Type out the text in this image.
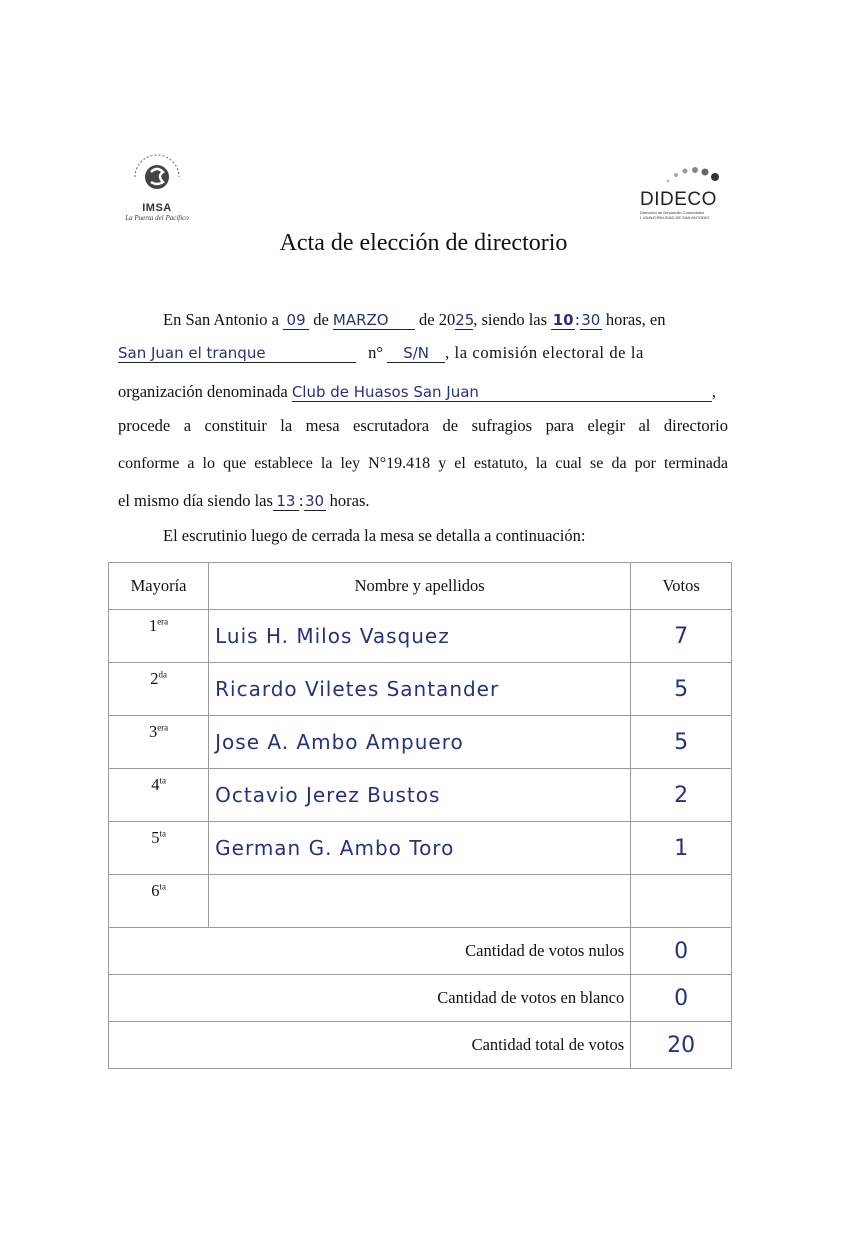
IMSA
La Puerta del Pacífico
DIDECO
Dirección de Desarrollo Comunitario
I. MUNICIPALIDAD DE SAN ANTONIO
Acta de elección de directorio
En San Antonio a 09 de MARZO de 2025, siendo las 10:30 horas, en
San Juan el tranque	n° S/N , la comisión electoral de la
organización denominada Club de Huasos San Juan	,
procede a constituir la mesa escrutadora de sufragios para elegir al directorio
conforme a lo que establece la ley N°19.418 y el estatuto, la cual se da por terminada
el mismo día siendo las 13 :30 horas.
El escrutinio luego de cerrada la mesa se detalla a continuación:
Mayoría	Nombre y apellidos	Votos
$1^{era}$	Luis H. Milos Vasquez	7
$2^{da}$	Ricardo Viletes Santander	5
$3^{era}$	Jose A. Ambo Ampuero	5
$4^{ta}$	Octavio Jerez Bustos	2
$5^{ta}$	German G. Ambo Toro	1
$6^{ta}$		
Cantidad de votos nulos		0
Cantidad de votos en blanco		0
Cantidad total de votos		20
